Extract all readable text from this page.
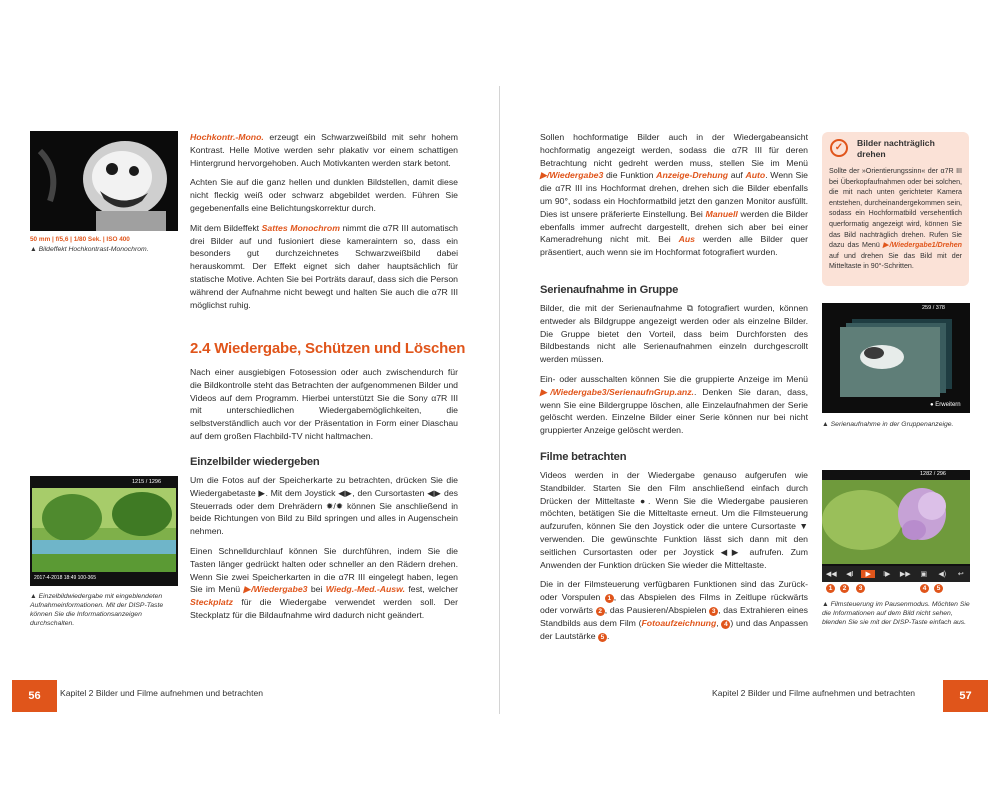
50 mm | f/5,6 | 1/80 Sek. | ISO 400
▲ Bildeffekt Hochkontrast-Monochrom.

Hochkontr.-Mono. erzeugt ein Schwarzweißbild mit sehr hohem Kontrast. Helle Motive werden sehr plakativ vor einem schattigen Hintergrund hervorgehoben. Auch Motivkanten werden stark betont.

Achten Sie auf die ganz hellen und dunklen Bildstellen, damit diese nicht fleckig weiß oder schwarz abgebildet werden. Führen Sie gegebenenfalls eine Belichtungskorrektur durch.

Mit dem Bildeffekt Sattes Monochrom nimmt die α7R III automatisch drei Bilder auf und fusioniert diese kameraintern so, dass ein besonders gut durchzeichnetes Schwarzweißbild dabei herauskommt. Der Effekt eignet sich daher hauptsächlich für statische Motive. Achten Sie bei Porträts darauf, dass sich die Person während der Aufnahme nicht bewegt und halten Sie auch die α7R III möglichst ruhig.

2.4 Wiedergabe, Schützen und Löschen

Nach einer ausgiebigen Fotosession oder auch zwischendurch für die Bildkontrolle steht das Betrachten der aufgenommenen Bilder und Videos auf dem Programm. Hierbei unterstützt Sie die Sony α7R III mit unterschiedlichen Wiedergabemöglichkeiten, die selbstverständlich auch vor der Präsentation in Form einer Diaschau auf dem großen Flachbild-TV nicht haltmachen.

Einzelbilder wiedergeben

Um die Fotos auf der Speicherkarte zu betrachten, drücken Sie die Wiedergabetaste ▶. Mit dem Joystick ◀▶, den Cursortasten ◀▶ des Steuerrads oder dem Drehrädern ✹/✹ können Sie anschließend in beide Richtungen von Bild zu Bild springen und alles in Augenschein nehmen.

Einen Schnelldurchlauf können Sie durchführen, indem Sie die Tasten länger gedrückt halten oder schneller an den Rädern drehen. Wenn Sie zwei Speicherkarten in die α7R III eingelegt haben, legen Sie im Menü ▶/Wiedergabe3 bei Wiedg.-Med.-Ausw. fest, welcher Steckplatz für die Wiedergabe verwendet werden soll. Der Steckplatz für die Bildaufnahme wird dadurch nicht geändert.

1215 / 1296
2017-4-2018 18:49 100-365
▲ Einzelbildwiedergabe mit eingeblendeten Aufnahmeinformationen. Mit der DISP-Taste können Sie die Informationsanzeigen durchschalten.
56	Kapitel 2 Bilder und Filme aufnehmen und betrachten

Sollen hochformatige Bilder auch in der Wiedergabeansicht hochformatig angezeigt werden, sodass die α7R III für deren Betrachtung nicht gedreht werden muss, stellen Sie im Menü ▶/Wiedergabe3 die Funktion Anzeige-Drehung auf Auto. Wenn Sie die α7R III ins Hochformat drehen, drehen sich die Bilder ebenfalls um 90°, sodass ein Hochformatbild jetzt den ganzen Monitor ausfüllt. Dies ist unsere präferierte Einstellung. Bei Manuell werden die Bilder ebenfalls immer aufrecht dargestellt, drehen sich aber bei einer Kameradrehung nicht mit. Bei Aus werden alle Bilder quer präsentiert, auch wenn sie im Hochformat fotografiert wurden.

Serienaufnahme in Gruppe

Bilder, die mit der Serienaufnahme ⧉ fotografiert wurden, können entweder als Bildgruppe angezeigt werden oder als einzelne Bilder. Die Gruppe bietet den Vorteil, dass beim Durchforsten des Bildbestands nicht alle Serienaufnahmen einzeln durchgescrollt werden müssen.

Ein- oder ausschalten können Sie die gruppierte Anzeige im Menü ▶/Wiedergabe3/SerienaufnGrup.anz.. Denken Sie daran, dass, wenn Sie eine Bildergruppe löschen, alle Einzelaufnahmen der Serie gelöscht werden. Einzelne Bilder einer Serie können nur bei nicht gruppierter Anzeige gelöscht werden.

Filme betrachten

Videos werden in der Wiedergabe genauso aufgerufen wie Standbilder. Starten Sie den Film anschließend einfach durch Drücken der Mitteltaste ●. Wenn Sie die Wiedergabe pausieren möchten, betätigen Sie die Mitteltaste erneut. Um die Filmsteuerung aufzurufen, können Sie den Joystick oder die untere Cursortaste ▼ verwenden. Die gewünschte Funktion lässt sich dann mit den seitlichen Cursortasten oder per Joystick ◀▶ aufrufen. Zum Anwenden der Funktion drücken Sie wieder die Mitteltaste.

Die in der Filmsteuerung verfügbaren Funktionen sind das Zurück- oder Vorspulen 1 , das Abspielen des Films in Zeitlupe rückwärts oder vorwärts 2 , das Pausieren/Abspielen 3 , das Extrahieren eines Standbilds aus dem Film (Fotoaufzeichnung, 4 ) und das Anpassen der Lautstärke 5 .

✓	Bilder nachträglich drehen
Sollte der »Orientierungssinn« der α7R III bei Überkopfaufnahmen oder bei solchen, die mit nach unten gerichteter Kamera entstehen, durcheinandergekommen sein, sodass ein Hochformatbild versehentlich querformatig angezeigt wird, können Sie das Bild nachträglich drehen. Rufen Sie dazu das Menü ▶/Wiedergabe1/Drehen auf und drehen Sie das Bild mit der Mitteltaste in 90°-Schritten.
259 / 378
● Erweitern
▲ Serienaufnahme in der Gruppenanzeige.
1282 / 296
◀◀	◀I	▶	I▶	▶▶	▣	◀)	↩
1	2	3	4	5
▲ Filmsteuerung im Pausenmodus. Möchten Sie die Informationen auf dem Bild nicht sehen, blenden Sie sie mit der DISP-Taste einfach aus.
Kapitel 2 Bilder und Filme aufnehmen und betrachten	57
